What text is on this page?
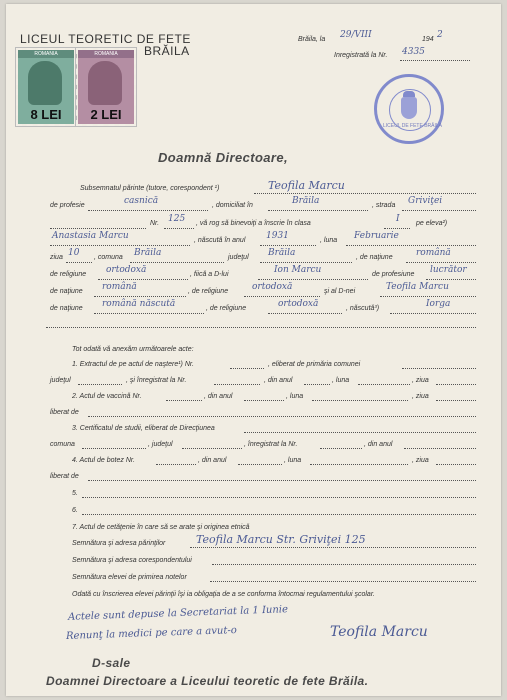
LICEUL TEORETIC DE FETE
BRĂILA
Brăila, la 29/VIII	194 2
Inregistrată la Nr. 4335
ROMANIA
8 LEI
ROMANIA
2 LEI
LICEUL DE FETE BRĂILA
Doamnă Directoare,
Subsemnatul părinte (tutore, corespondent ¹)	Teofila Marcu
de profesie	casnică	, domiciliat în	Brăila	, strada Griviţei
Nr. 125 , vă rog să binevoiţi a înscrie în clasa	I pe eleva²)
Anastasia Marcu	, născută în anul 1931	, luna Februarie
ziua 10 , comuna Brăila	judeţul Brăila	, de naţiune	română
de religiune ortodoxă	, fiică a D-lui	Ion Marcu	de profesiune lucrător
de naţiune română	, de religiune	ortodoxă	şi al D-nei	Teofila Marcu
de naţiune română născută	, de religiune	ortodoxă	, născută³)	Iorga
Tot odată vă anexăm următoarele acte:
1. Extractul de pe actul de naştere¹) Nr.	, eliberat de primăria comunei
judeţul	, şi înregistrat la Nr.	, din anul	, luna	, ziua
2. Actul de vaccină Nr.	, din anul	, luna	, ziua
liberat de
3. Certificatul de studii, eliberat de Direcţiunea
comuna	, judeţul	, înregistrat la Nr.	, din anul
4. Actul de botez Nr.	, din anul	, luna	, ziua
liberat de
5.
6.
7. Actul de cetăţenie în care să se arate şi originea etnică
Semnătura şi adresa părinţilor	Teofila Marcu Str. Griviţei 125
Semnătura şi adresa corespondentului
Semnătura elevei de primirea notelor
Odată cu înscrierea elevei părinţii îşi ia obligaţia de a se conforma întocmai regulamentului şcolar.
Actele sunt depuse la Secretariat la 1 Iunie
Renunţ la medici pe care a avut-o	Teofila Marcu
D-sale
Doamnei Directoare a Liceului teoretic de fete Brăila.
